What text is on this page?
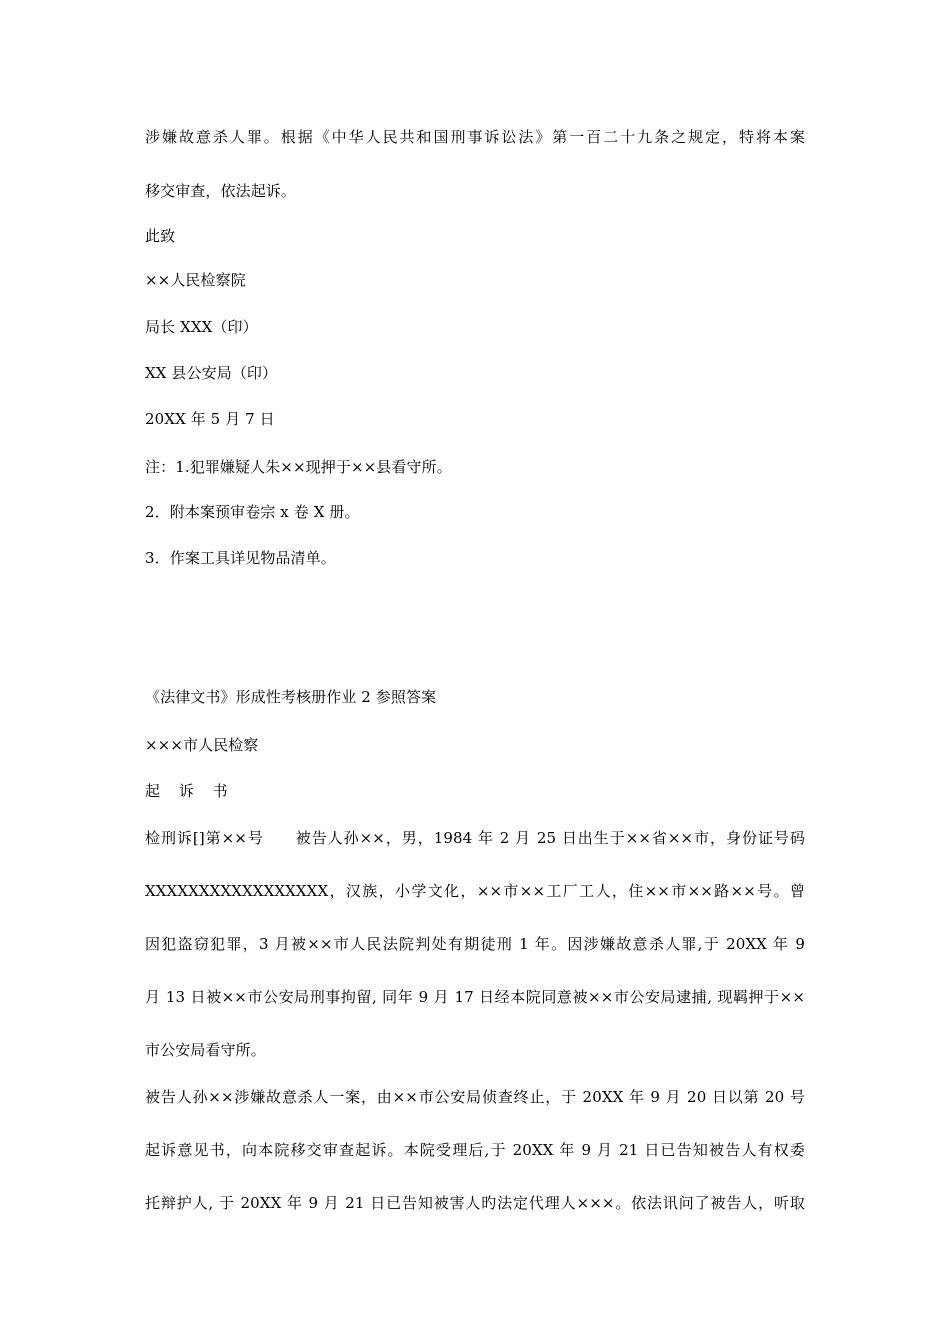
涉嫌故意杀人罪。根据《中华人民共和国刑事诉讼法》第一百二十九条之规定，特将本案
移交审查，依法起诉。
此致
××人民检察院
局长 XXX（印）
XX 县公安局（印）
20XX 年 5 月 7 日
注：1.犯罪嫌疑人朱××现押于××县看守所。
2．附本案预审卷宗 x 卷 X 册。
3．作案工具详见物品清单。
《法律文书》形成性考核册作业 2 参照答案
×××市人民检察
起 诉 书
检刑诉[]第××号　　被告人孙××，男，1984 年 2 月 25 日出生于××省××市，身份证号码
XXXXXXXXXXXXXXXXX，汉族，小学文化，××市××工厂工人，住××市××路××号。曾
因犯盗窃犯罪，3 月被××市人民法院判处有期徒刑 1 年。因涉嫌故意杀人罪,于 20XX 年 9
月 13 日被××市公安局刑事拘留, 同年 9 月 17 日经本院同意被××市公安局逮捕, 现羁押于××
市公安局看守所。
被告人孙××涉嫌故意杀人一案，由××市公安局侦查终止，于 20XX 年 9 月 20 日以第 20 号
起诉意见书，向本院移交审查起诉。本院受理后,于 20XX 年 9 月 21 日已告知被告人有权委
托辩护人, 于 20XX 年 9 月 21 日已告知被害人旳法定代理人×××。依法讯问了被告人，听取
